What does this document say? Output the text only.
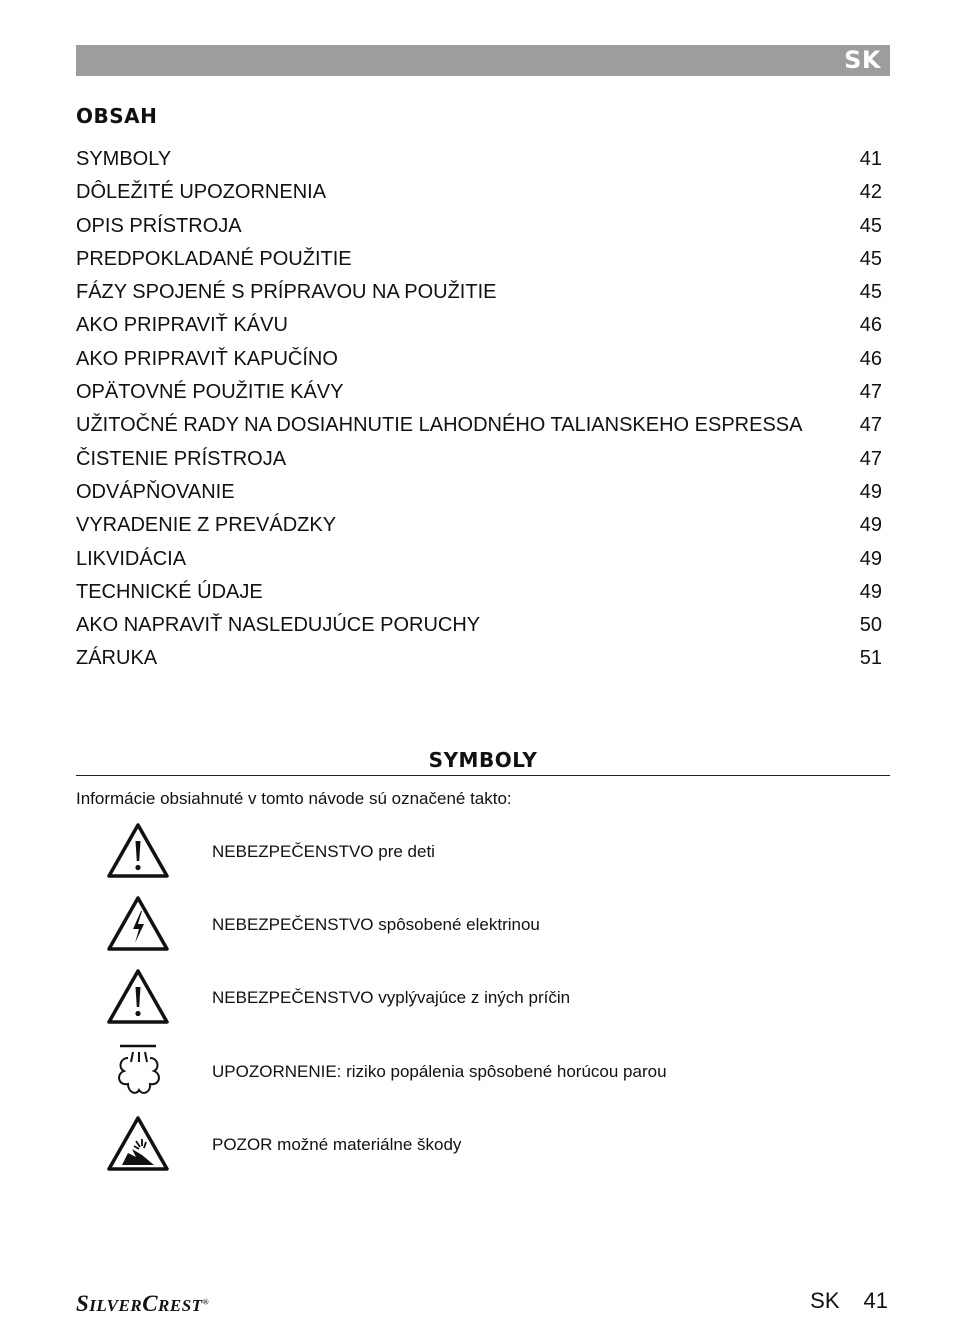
SK
OBSAH
SYMBOLY	41
DÔLEŽITÉ UPOZORNENIA	42
OPIS PRÍSTROJA	45
PREDPOKLADANÉ POUŽITIE	45
FÁZY SPOJENÉ S PRÍPRAVOU NA POUŽITIE	45
AKO PRIPRAVIŤ KÁVU	46
AKO PRIPRAVIŤ KAPUČÍNO	46
OPÄTOVNÉ POUŽITIE KÁVY	47
UŽITOČNÉ RADY NA DOSIAHNUTIE LAHODNÉHO TALIANSKEHO ESPRESSA	47
ČISTENIE PRÍSTROJA	47
ODVÁPŇOVANIE	49
VYRADENIE Z PREVÁDZKY	49
LIKVIDÁCIA	49
TECHNICKÉ ÚDAJE	49
AKO NAPRAVIŤ NASLEDUJÚCE PORUCHY	50
ZÁRUKA	51
SYMBOLY
Informácie obsiahnuté v tomto návode sú označené takto:
NEBEZPEČENSTVO pre deti
NEBEZPEČENSTVO spôsobené elektrinou
NEBEZPEČENSTVO vyplývajúce z iných príčin
UPOZORNENIE: riziko popálenia spôsobené horúcou parou
POZOR možné materiálne škody
SILVERCREST®	SK 41
